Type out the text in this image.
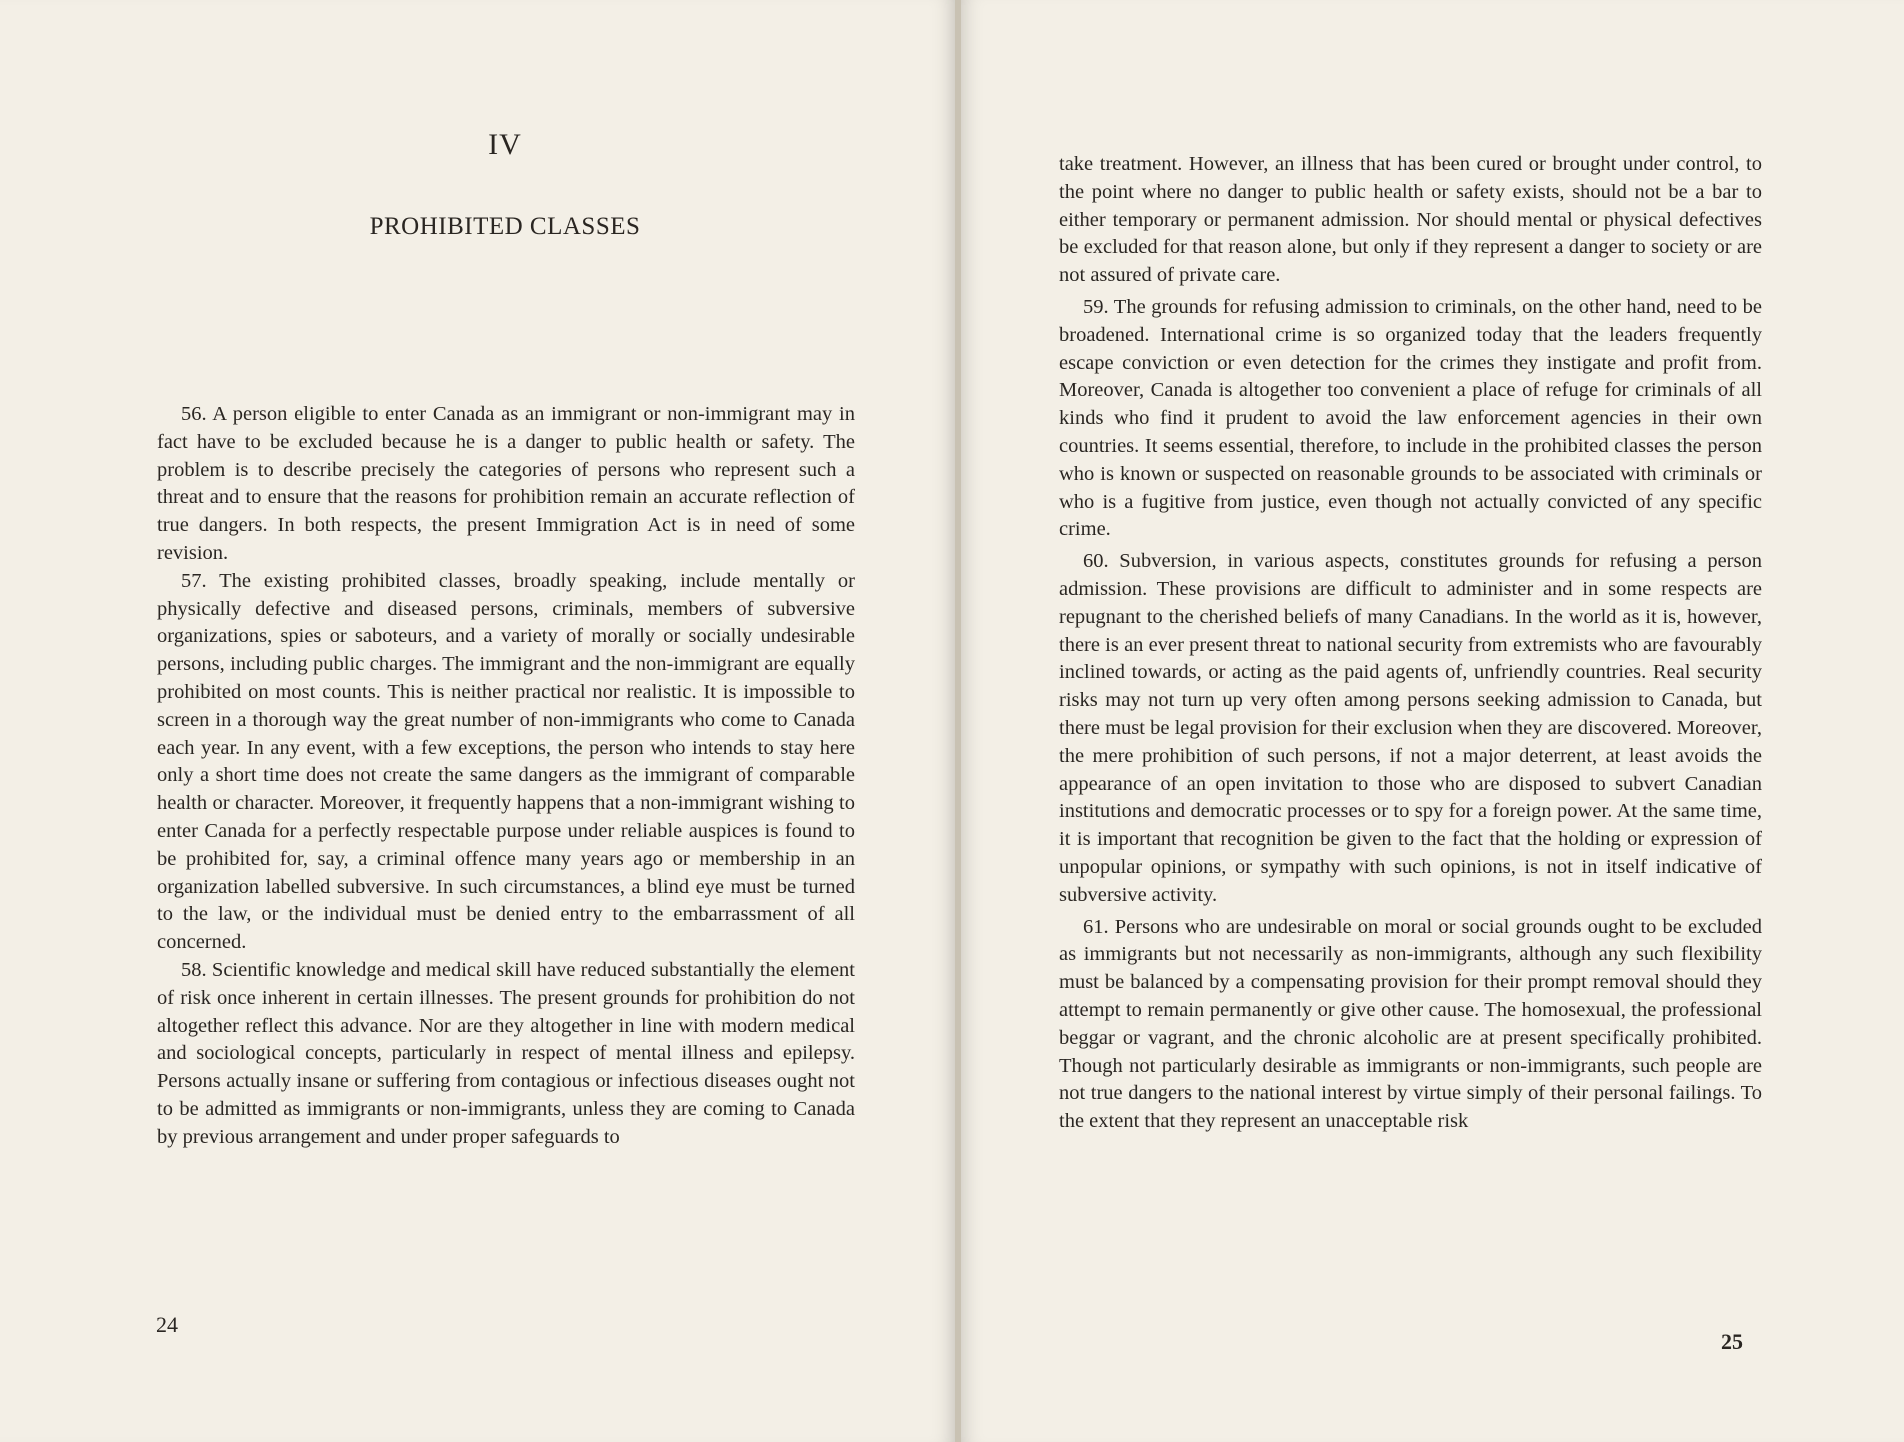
IV
PROHIBITED CLASSES

56. A person eligible to enter Canada as an immigrant or non-immigrant may in fact have to be excluded because he is a danger to public health or safety. The problem is to describe precisely the categories of persons who represent such a threat and to ensure that the reasons for prohibition remain an accurate reflection of true dangers. In both respects, the present Immigration Act is in need of some revision.

57. The existing prohibited classes, broadly speaking, include mentally or physically defective and diseased persons, criminals, members of subversive organizations, spies or saboteurs, and a variety of morally or socially undesirable persons, including public charges. The immigrant and the non-immigrant are equally prohibited on most counts. This is neither practical nor realistic. It is impossible to screen in a thorough way the great number of non-immigrants who come to Canada each year. In any event, with a few exceptions, the person who intends to stay here only a short time does not create the same dangers as the immigrant of comparable health or character. Moreover, it frequently happens that a non-immigrant wishing to enter Canada for a perfectly respectable purpose under reliable auspices is found to be prohibited for, say, a criminal offence many years ago or membership in an organization labelled subversive. In such circumstances, a blind eye must be turned to the law, or the individual must be denied entry to the embarrassment of all concerned.

58. Scientific knowledge and medical skill have reduced substantially the element of risk once inherent in certain illnesses. The present grounds for prohibition do not altogether reflect this advance. Nor are they altogether in line with modern medical and sociological concepts, particularly in respect of mental illness and epilepsy. Persons actually insane or suffering from contagious or infectious diseases ought not to be admitted as immigrants or non-immigrants, unless they are coming to Canada by previous arrangement and under proper safeguards to

24

take treatment. However, an illness that has been cured or brought under control, to the point where no danger to public health or safety exists, should not be a bar to either temporary or permanent admission. Nor should mental or physical defectives be excluded for that reason alone, but only if they represent a danger to society or are not assured of private care.

59. The grounds for refusing admission to criminals, on the other hand, need to be broadened. International crime is so organized today that the leaders frequently escape conviction or even detection for the crimes they instigate and profit from. Moreover, Canada is altogether too convenient a place of refuge for criminals of all kinds who find it prudent to avoid the law enforcement agencies in their own countries. It seems essential, therefore, to include in the prohibited classes the person who is known or suspected on reasonable grounds to be associated with criminals or who is a fugitive from justice, even though not actually convicted of any specific crime.

60. Subversion, in various aspects, constitutes grounds for refusing a person admission. These provisions are difficult to administer and in some respects are repugnant to the cherished beliefs of many Canadians. In the world as it is, however, there is an ever present threat to national security from extremists who are favourably inclined towards, or acting as the paid agents of, unfriendly countries. Real security risks may not turn up very often among persons seeking admission to Canada, but there must be legal provision for their exclusion when they are discovered. Moreover, the mere prohibition of such persons, if not a major deterrent, at least avoids the appearance of an open invitation to those who are disposed to subvert Canadian institutions and democratic processes or to spy for a foreign power. At the same time, it is important that recognition be given to the fact that the holding or expression of unpopular opinions, or sympathy with such opinions, is not in itself indicative of subversive activity.

61. Persons who are undesirable on moral or social grounds ought to be excluded as immigrants but not necessarily as non-immigrants, although any such flexibility must be balanced by a compensating provision for their prompt removal should they attempt to remain permanently or give other cause. The homosexual, the professional beggar or vagrant, and the chronic alcoholic are at present specifically prohibited. Though not particularly desirable as immigrants or non-immigrants, such people are not true dangers to the national interest by virtue simply of their personal failings. To the extent that they represent an unacceptable risk

25
